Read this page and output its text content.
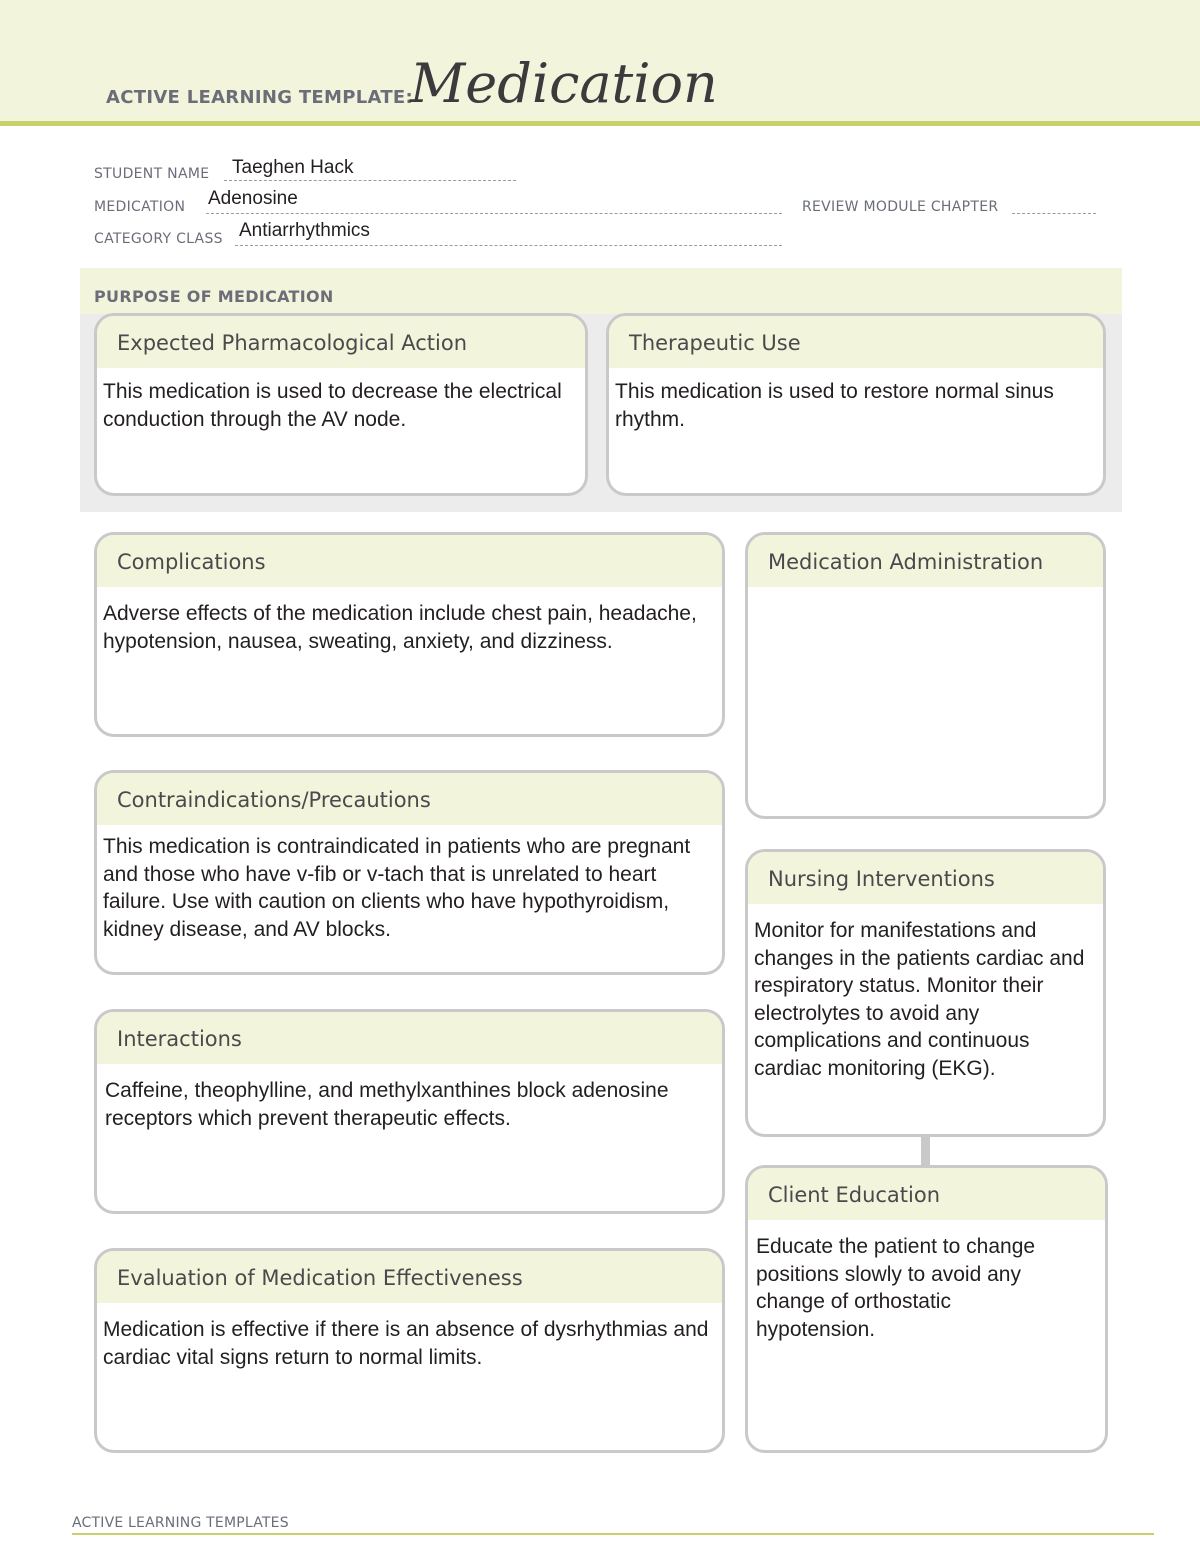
ACTIVE LEARNING TEMPLATE:
Medication
STUDENT NAME Taeghen Hack
MEDICATION Adenosine	REVIEW MODULE CHAPTER
CATEGORY CLASS Antiarrhythmics
PURPOSE OF MEDICATION
Expected Pharmacological Action
This medication is used to decrease the electrical conduction through the AV node.
Therapeutic Use
This medication is used to restore normal sinus rhythm.
Complications
Adverse effects of the medication include chest pain, headache, hypotension, nausea, sweating, anxiety, and dizziness.
Contraindications/Precautions
This medication is contraindicated in patients who are pregnant and those who have v-fib or v-tach that is unrelated to heart failure. Use with caution on clients who have hypothyroidism, kidney disease, and AV blocks.
Interactions
Caffeine, theophylline, and methylxanthines block adenosine receptors which prevent therapeutic effects.
Evaluation of Medication Effectiveness
Medication is effective if there is an absence of dysrhythmias and cardiac vital signs return to normal limits.
Medication Administration
Nursing Interventions
Monitor for manifestations and changes in the patients cardiac and respiratory status. Monitor their electrolytes to avoid any complications and continuous cardiac monitoring (EKG).
Client Education
Educate the patient to change positions slowly to avoid any change of orthostatic hypotension.
ACTIVE LEARNING TEMPLATES
